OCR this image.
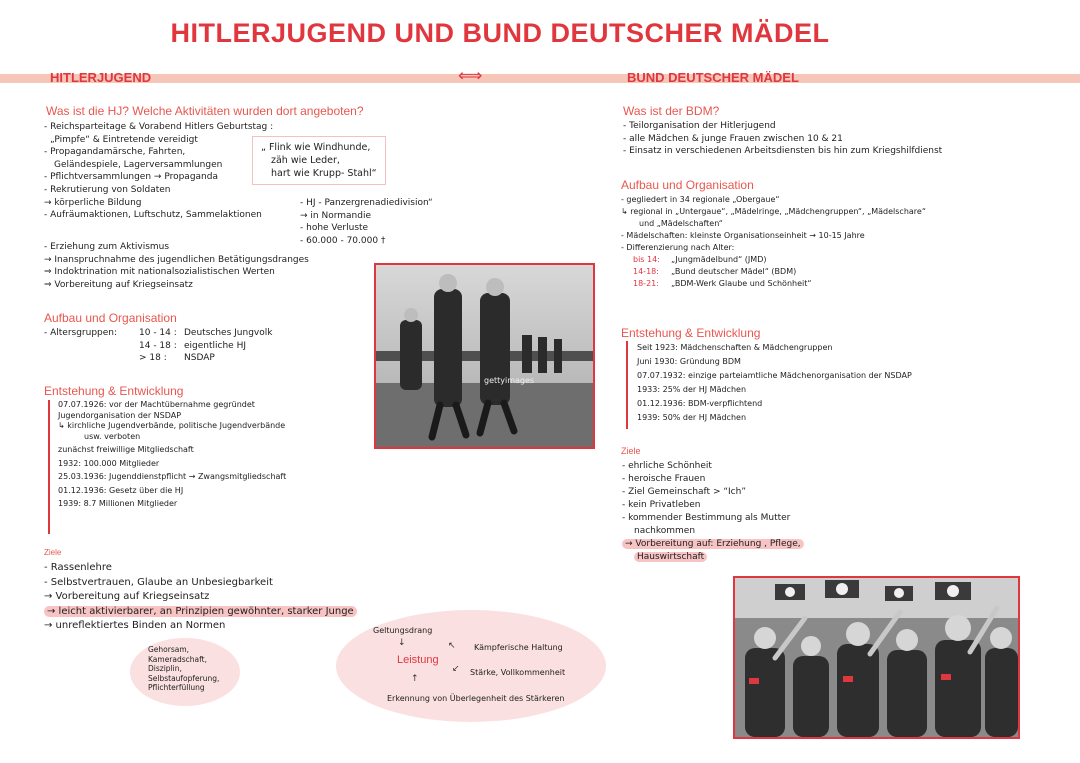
HITLERJUGEND UND BUND DEUTSCHER MÄDEL
HITLERJUGEND	⟺	BUND DEUTSCHER MÄDEL
Was ist die HJ? Welche Aktivitäten wurden dort angeboten?
- Reichsparteitage & Vorabend Hitlers Geburtstag :
„Pimpfe“ & Eintretende vereidigt
- Propagandamärsche, Fahrten,
Geländespiele, Lagerversammlungen
- Pflichtversammlungen → Propaganda
- Rekrutierung von Soldaten
→ körperliche Bildung
- Aufräumaktionen, Luftschutz, Sammelaktionen
„ Flink wie Windhunde,
zäh wie Leder,
hart wie Krupp- Stahl“
- HJ - Panzergrenadiedivision“
→ in Normandie
- hohe Verluste
- 60.000 - 70.000 †
- Erziehung zum Aktivismus
→ Inanspruchnahme des jugendlichen Betätigungsdranges
⇒ Indoktrination mit nationalsozialistischen Werten
⇒ Vorbereitung auf Kriegseinsatz
Aufbau und Organisation
- Altersgruppen: 10 - 14 : Deutsches Jungvolk
14 - 18 : eigentliche HJ
> 18 : NSDAP
Entstehung & Entwicklung
07.07.1926: vor der Machtübernahme gegründet
Jugendorganisation der NSDAP
↳ kirchliche Jugendverbände, politische Jugendverbände
usw. verboten
zunächst freiwillige Mitgliedschaft
1932: 100.000 Mitglieder
25.03.1936: Jugenddienstpflicht → Zwangsmitgliedschaft
01.12.1936: Gesetz über die HJ
1939: 8.7 Millionen Mitglieder
Ziele
- Rassenlehre
- Selbstvertrauen, Glaube an Unbesiegbarkeit
→ Vorbereitung auf Kriegseinsatz
→ leicht aktivierbarer, an Prinzipien gewöhnter, starker Junge
→ unreflektiertes Binden an Normen
Gehorsam,
Kameradschaft,
Disziplin,
Selbstaufopferung,
Pflichterfüllung
Geltungsdrang
↓
Leistung
↖ Kämpferische Haltung
↙ Stärke, Vollkommenheit
↑
Erkennung von Überlegenheit des Stärkeren
gettyimages
Was ist der BDM?
- Teilorganisation der Hitlerjugend
- alle Mädchen & junge Frauen zwischen 10 & 21
- Einsatz in verschiedenen Arbeitsdiensten bis hin zum Kriegshilfdienst
Aufbau und Organisation
- gegliedert in 34 regionale „Obergaue“
↳ regional in „Untergaue“, „Mädelringe, „Mädchengruppen“, „Mädelschare“
und „Mädelschaften“
- Mädelschaften: kleinste Organisationseinheit → 10-15 Jahre
- Differenzierung nach Alter:
bis 14: „Jungmädelbund“ (JMD)
14-18: „Bund deutscher Mädel“ (BDM)
18-21: „BDM-Werk Glaube und Schönheit“
Entstehung & Entwicklung
Seit 1923: Mädchenschaften & Mädchengruppen
Juni 1930: Gründung BDM
07.07.1932: einzige parteiamtliche Mädchenorganisation der NSDAP
1933: 25% der HJ Mädchen
01.12.1936: BDM-verpflichtend
1939: 50% der HJ Mädchen
Ziele
- ehrliche Schönheit
- heroische Frauen
- Ziel Gemeinschaft > “Ich”
- kein Privatleben
- kommender Bestimmung als Mutter
nachkommen
→ Vorbereitung auf: Erziehung , Pflege,
Hauswirtschaft
